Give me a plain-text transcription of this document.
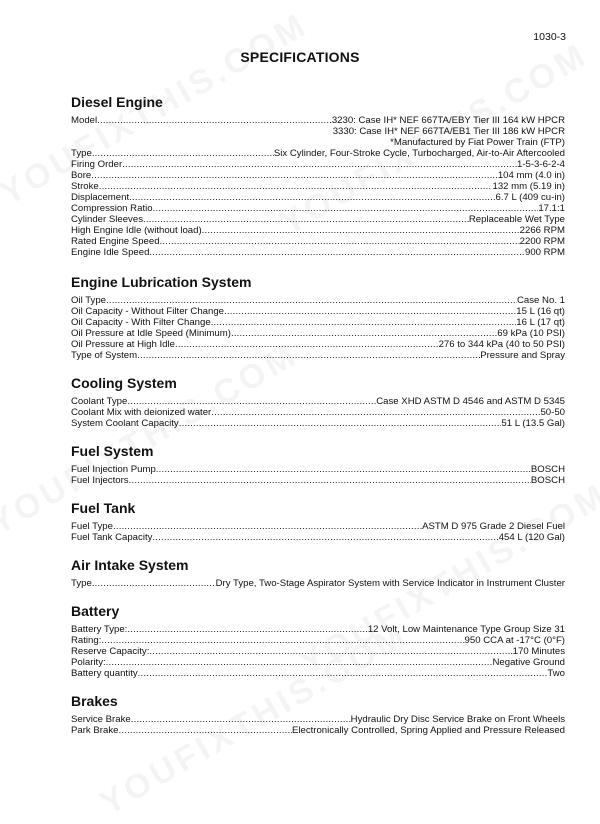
1030-3
SPECIFICATIONS
Diesel Engine
Model .....	3230: Case IH* NEF 667TA/EBY Tier III 164 kW HPCR
3330: Case IH* NEF 667TA/EB1 Tier III 186 kW HPCR
*Manufactured by Fiat Power Train (FTP)
Type .....	Six Cylinder, Four-Stroke Cycle, Turbocharged, Air-to-Air Aftercooled
Firing Order .....	1-5-3-6-2-4
Bore .....	104 mm (4.0 in)
Stroke .....	132 mm (5.19 in)
Displacement .....	6.7 L (409 cu-in)
Compression Ratio .....	17.1:1
Cylinder Sleeves .....	Replaceable Wet Type
High Engine Idle (without load) .....	2266 RPM
Rated Engine Speed .....	2200 RPM
Engine Idle Speed .....	900 RPM
Engine Lubrication System
Oil Type .....	Case No. 1
Oil Capacity - Without Filter Change .....	15 L (16 qt)
Oil Capacity - With Filter Change .....	16 L (17 qt)
Oil Pressure at Idle Speed (Minimum) .....	69 kPa (10 PSI)
Oil Pressure at High Idle .....	276 to 344 kPa (40 to 50 PSI)
Type of System .....	Pressure and Spray
Cooling System
Coolant Type .....	Case XHD ASTM D 4546 and ASTM D 5345
Coolant Mix with deionized water .....	50-50
System Coolant Capacity .....	51 L (13.5 Gal)
Fuel System
Fuel Injection Pump .....	BOSCH
Fuel Injectors .....	BOSCH
Fuel Tank
Fuel Type .....	ASTM D 975 Grade 2 Diesel Fuel
Fuel Tank Capacity .....	454 L (120 Gal)
Air Intake System
Type .....	Dry Type, Two-Stage Aspirator System with Service Indicator in Instrument Cluster
Battery
Battery Type: .....	12 Volt, Low Maintenance Type Group Size 31
Rating: .....	950 CCA at -17°C (0°F)
Reserve Capacity: .....	170 Minutes
Polarity: .....	Negative Ground
Battery quantity .....	Two
Brakes
Service Brake .....	Hydraulic Dry Disc Service Brake on Front Wheels
Park Brake .....	Electronically Controlled, Spring Applied and Pressure Released
